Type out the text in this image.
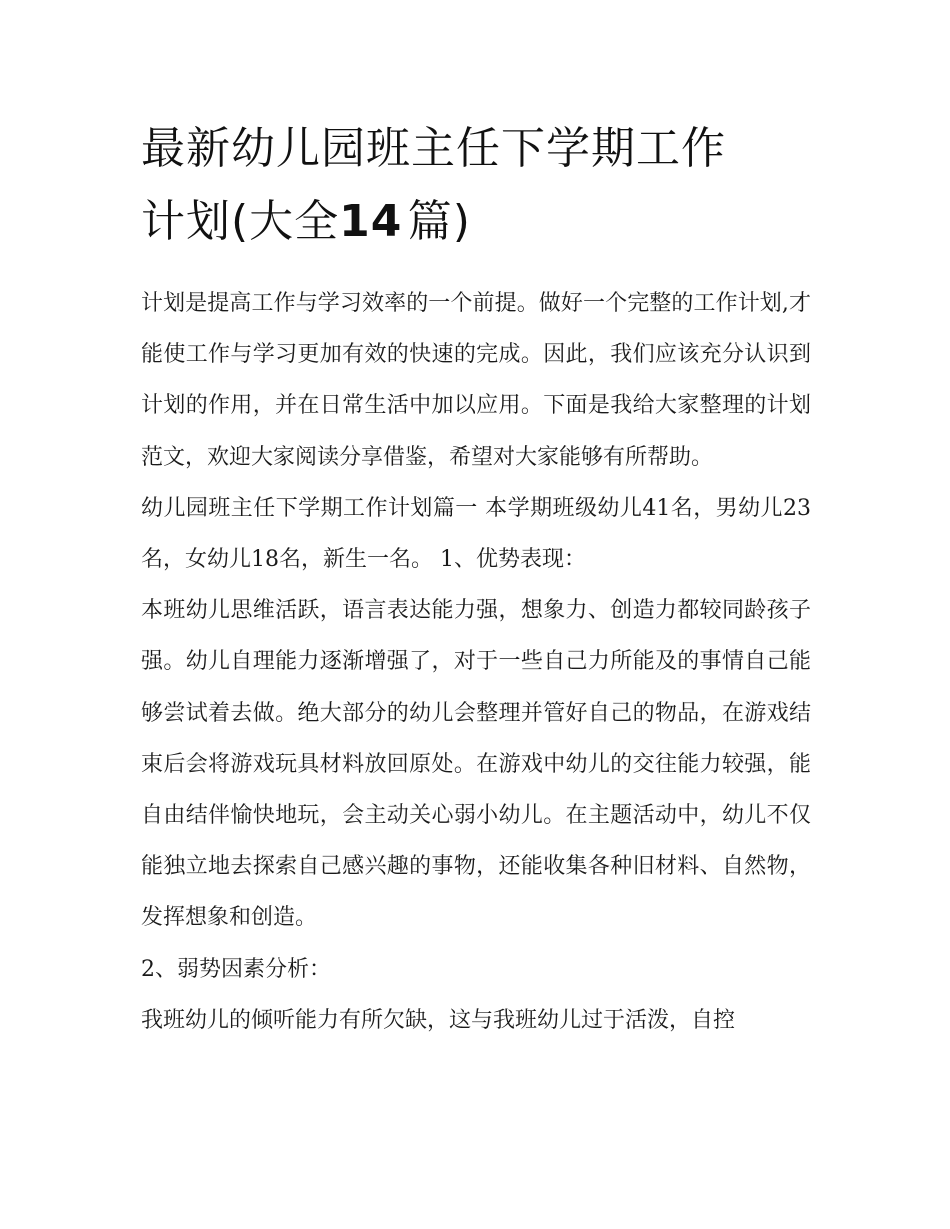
最新幼儿园班主任下学期工作
计划(大全14  篇)

计划是提高工作与学习效率的一个前提。做好一个完整的工作计划,才能使工作与学习更加有效的快速的完成。因此，我们应该充分认识到计划的作用，并在日常生活中加以应用。下面是我给大家整理的计划范文，欢迎大家阅读分享借鉴，希望对大家能够有所帮助。

幼儿园班主任下学期工作计划篇一 本学期班级幼儿41名，男幼儿23名，女幼儿18名，新生一名。 1、优势表现：

本班幼儿思维活跃，语言表达能力强，想象力、创造力都较同龄孩子强。幼儿自理能力逐渐增强了，对于一些自己力所能及的事情自己能够尝试着去做。绝大部分的幼儿会整理并管好自己的物品，在游戏结束后会将游戏玩具材料放回原处。在游戏中幼儿的交往能力较强，能自由结伴愉快地玩，会主动关心弱小幼儿。在主题活动中，幼儿不仅能独立地去探索自己感兴趣的事物，还能收集各种旧材料、自然物，发挥想象和创造。

2、弱势因素分析：

我班幼儿的倾听能力有所欠缺，这与我班幼儿过于活泼，自控
